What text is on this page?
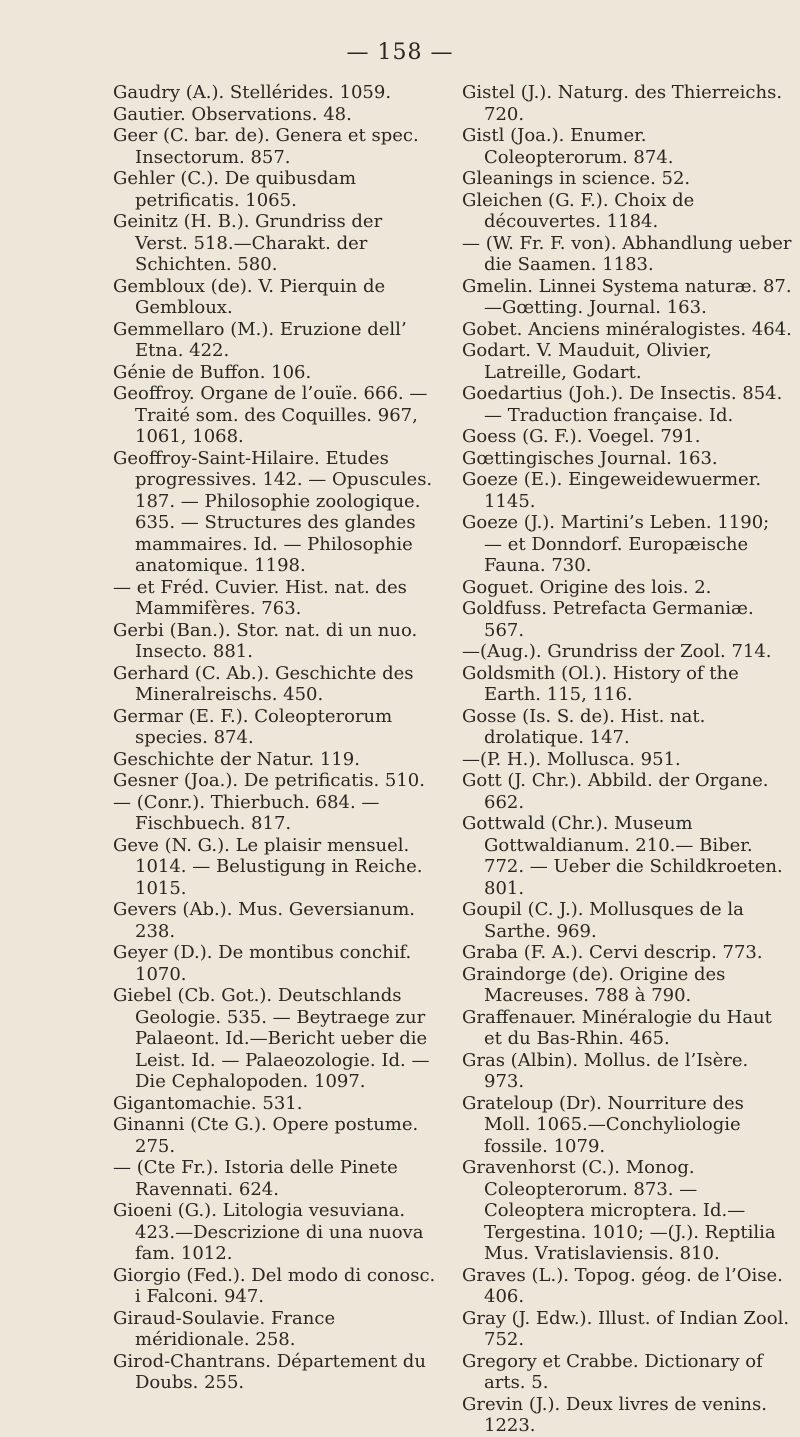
— 158 —

Gaudry (A.). Stellérides. 1059.

Gautier. Observations. 48.

Geer (C. bar. de). Genera et spec. Insectorum. 857.

Gehler (C.). De quibusdam petrificatis. 1065.

Geinitz (H. B.). Grundriss der Verst. 518.—Charakt. der Schichten. 580.

Gembloux (de). V. Pierquin de Gembloux.

Gemmellaro (M.). Eruzione dell’ Etna. 422.

Génie de Buffon. 106.

Geoffroy. Organe de l’ouïe. 666. —Traité som. des Coquilles. 967, 1061, 1068.

Geoffroy-Saint-Hilaire. Etudes progressives. 142. — Opuscules. 187. — Philosophie zoologique. 635. — Structures des glandes mammaires. Id. — Philosophie anatomique. 1198.

— et Fréd. Cuvier. Hist. nat. des Mammifères. 763.

Gerbi (Ban.). Stor. nat. di un nuo. Insecto. 881.

Gerhard (C. Ab.). Geschichte des Mineralreischs. 450.

Germar (E. F.). Coleopterorum species. 874.

Geschichte der Natur. 119.

Gesner (Joa.). De petrificatis. 510.

— (Conr.). Thierbuch. 684. — Fischbuech. 817.

Geve (N. G.). Le plaisir mensuel. 1014. — Belustigung in Reiche. 1015.

Gevers (Ab.). Mus. Geversianum. 238.

Geyer (D.). De montibus conchif. 1070.

Giebel (Cb. Got.). Deutschlands Geologie. 535. — Beytraege zur Palaeont. Id.—Bericht ueber die Leist. Id. — Palaeozologie. Id. —Die Cephalopoden. 1097.

Gigantomachie. 531.

Ginanni (Cte G.). Opere postume. 275.

— (Cte Fr.). Istoria delle Pinete Ravennati. 624.

Gioeni (G.). Litologia vesuviana. 423.—Descrizione di una nuova fam. 1012.

Giorgio (Fed.). Del modo di conosc. i Falconi. 947.

Giraud-Soulavie. France méridionale. 258.

Girod-Chantrans. Département du Doubs. 255.

Gistel (J.). Naturg. des Thierreichs. 720.

Gistl (Joa.). Enumer. Coleopterorum. 874.

Gleanings in science. 52.

Gleichen (G. F.). Choix de découvertes. 1184.

— (W. Fr. F. von). Abhandlung ueber die Saamen. 1183.

Gmelin. Linnei Systema naturæ. 87.—Gœtting. Journal. 163.

Gobet. Anciens minéralogistes. 464.

Godart. V. Mauduit, Olivier, Latreille, Godart.

Goedartius (Joh.). De Insectis. 854.— Traduction française. Id.

Goess (G. F.). Voegel. 791.

Gœttingisches Journal. 163.

Goeze (E.). Eingeweidewuermer. 1145.

Goeze (J.). Martini’s Leben. 1190; — et Donndorf. Europæische Fauna. 730.

Goguet. Origine des lois. 2.

Goldfuss. Petrefacta Germaniæ. 567.

—(Aug.). Grundriss der Zool. 714.

Goldsmith (Ol.). History of the Earth. 115, 116.

Gosse (Is. S. de). Hist. nat. drolatique. 147.

—(P. H.). Mollusca. 951.

Gott (J. Chr.). Abbild. der Organe. 662.

Gottwald (Chr.). Museum Gottwaldianum. 210.— Biber. 772. — Ueber die Schildkroeten. 801.

Goupil (C. J.). Mollusques de la Sarthe. 969.

Graba (F. A.). Cervi descrip. 773.

Graindorge (de). Origine des Macreuses. 788 à 790.

Graffenauer. Minéralogie du Haut et du Bas-Rhin. 465.

Gras (Albin). Mollus. de l’Isère. 973.

Grateloup (Dr). Nourriture des Moll. 1065.—Conchyliologie fossile. 1079.

Gravenhorst (C.). Monog. Coleopterorum. 873. — Coleoptera microptera. Id.—Tergestina. 1010; —(J.). Reptilia Mus. Vratislaviensis. 810.

Graves (L.). Topog. géog. de l’Oise. 406.

Gray (J. Edw.). Illust. of Indian Zool. 752.

Gregory et Crabbe. Dictionary of arts. 5.

Grevin (J.). Deux livres de venins. 1223.
